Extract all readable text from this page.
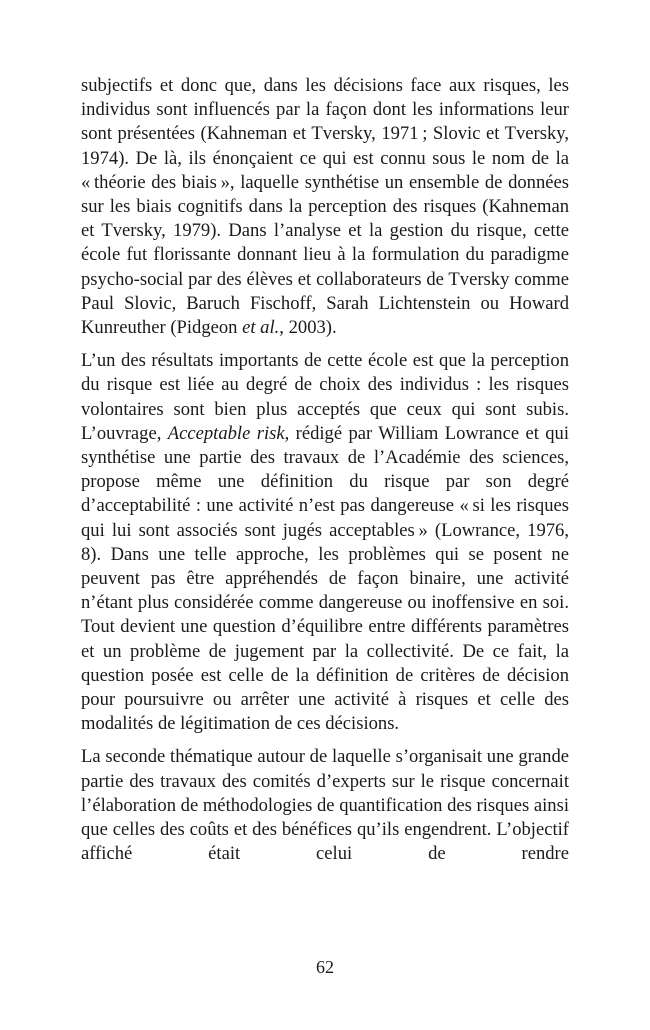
subjectifs et donc que, dans les décisions face aux risques, les individus sont influencés par la façon dont les informations leur sont présentées (Kahneman et Tversky, 1971 ; Slovic et Tversky, 1974). De là, ils énonçaient ce qui est connu sous le nom de la « théorie des biais », laquelle synthétise un ensemble de données sur les biais cognitifs dans la perception des risques (Kahneman et Tversky, 1979). Dans l’analyse et la gestion du risque, cette école fut florissante donnant lieu à la formulation du paradigme psycho-social par des élèves et collaborateurs de Tversky comme Paul Slovic, Baruch Fischoff, Sarah Lichtenstein ou Howard Kunreuther (Pidgeon et al., 2003).

L’un des résultats importants de cette école est que la perception du risque est liée au degré de choix des individus : les risques volontaires sont bien plus acceptés que ceux qui sont subis. L’ouvrage, Acceptable risk, rédigé par William Lowrance et qui synthétise une partie des travaux de l’Académie des sciences, propose même une définition du risque par son degré d’acceptabilité : une activité n’est pas dangereuse « si les risques qui lui sont associés sont jugés acceptables » (Lowrance, 1976, 8). Dans une telle approche, les problèmes qui se posent ne peuvent pas être appréhendés de façon binaire, une activité n’étant plus considérée comme dangereuse ou inoffensive en soi. Tout devient une question d’équilibre entre différents paramètres et un problème de jugement par la collectivité. De ce fait, la question posée est celle de la définition de critères de décision pour poursuivre ou arrêter une activité à risques et celle des modalités de légitimation de ces décisions.

La seconde thématique autour de laquelle s’organisait une grande partie des travaux des comités d’experts sur le risque concernait l’élaboration de méthodologies de quantification des risques ainsi que celles des coûts et des bénéfices qu’ils engendrent. L’objectif affiché était celui de rendre

62
